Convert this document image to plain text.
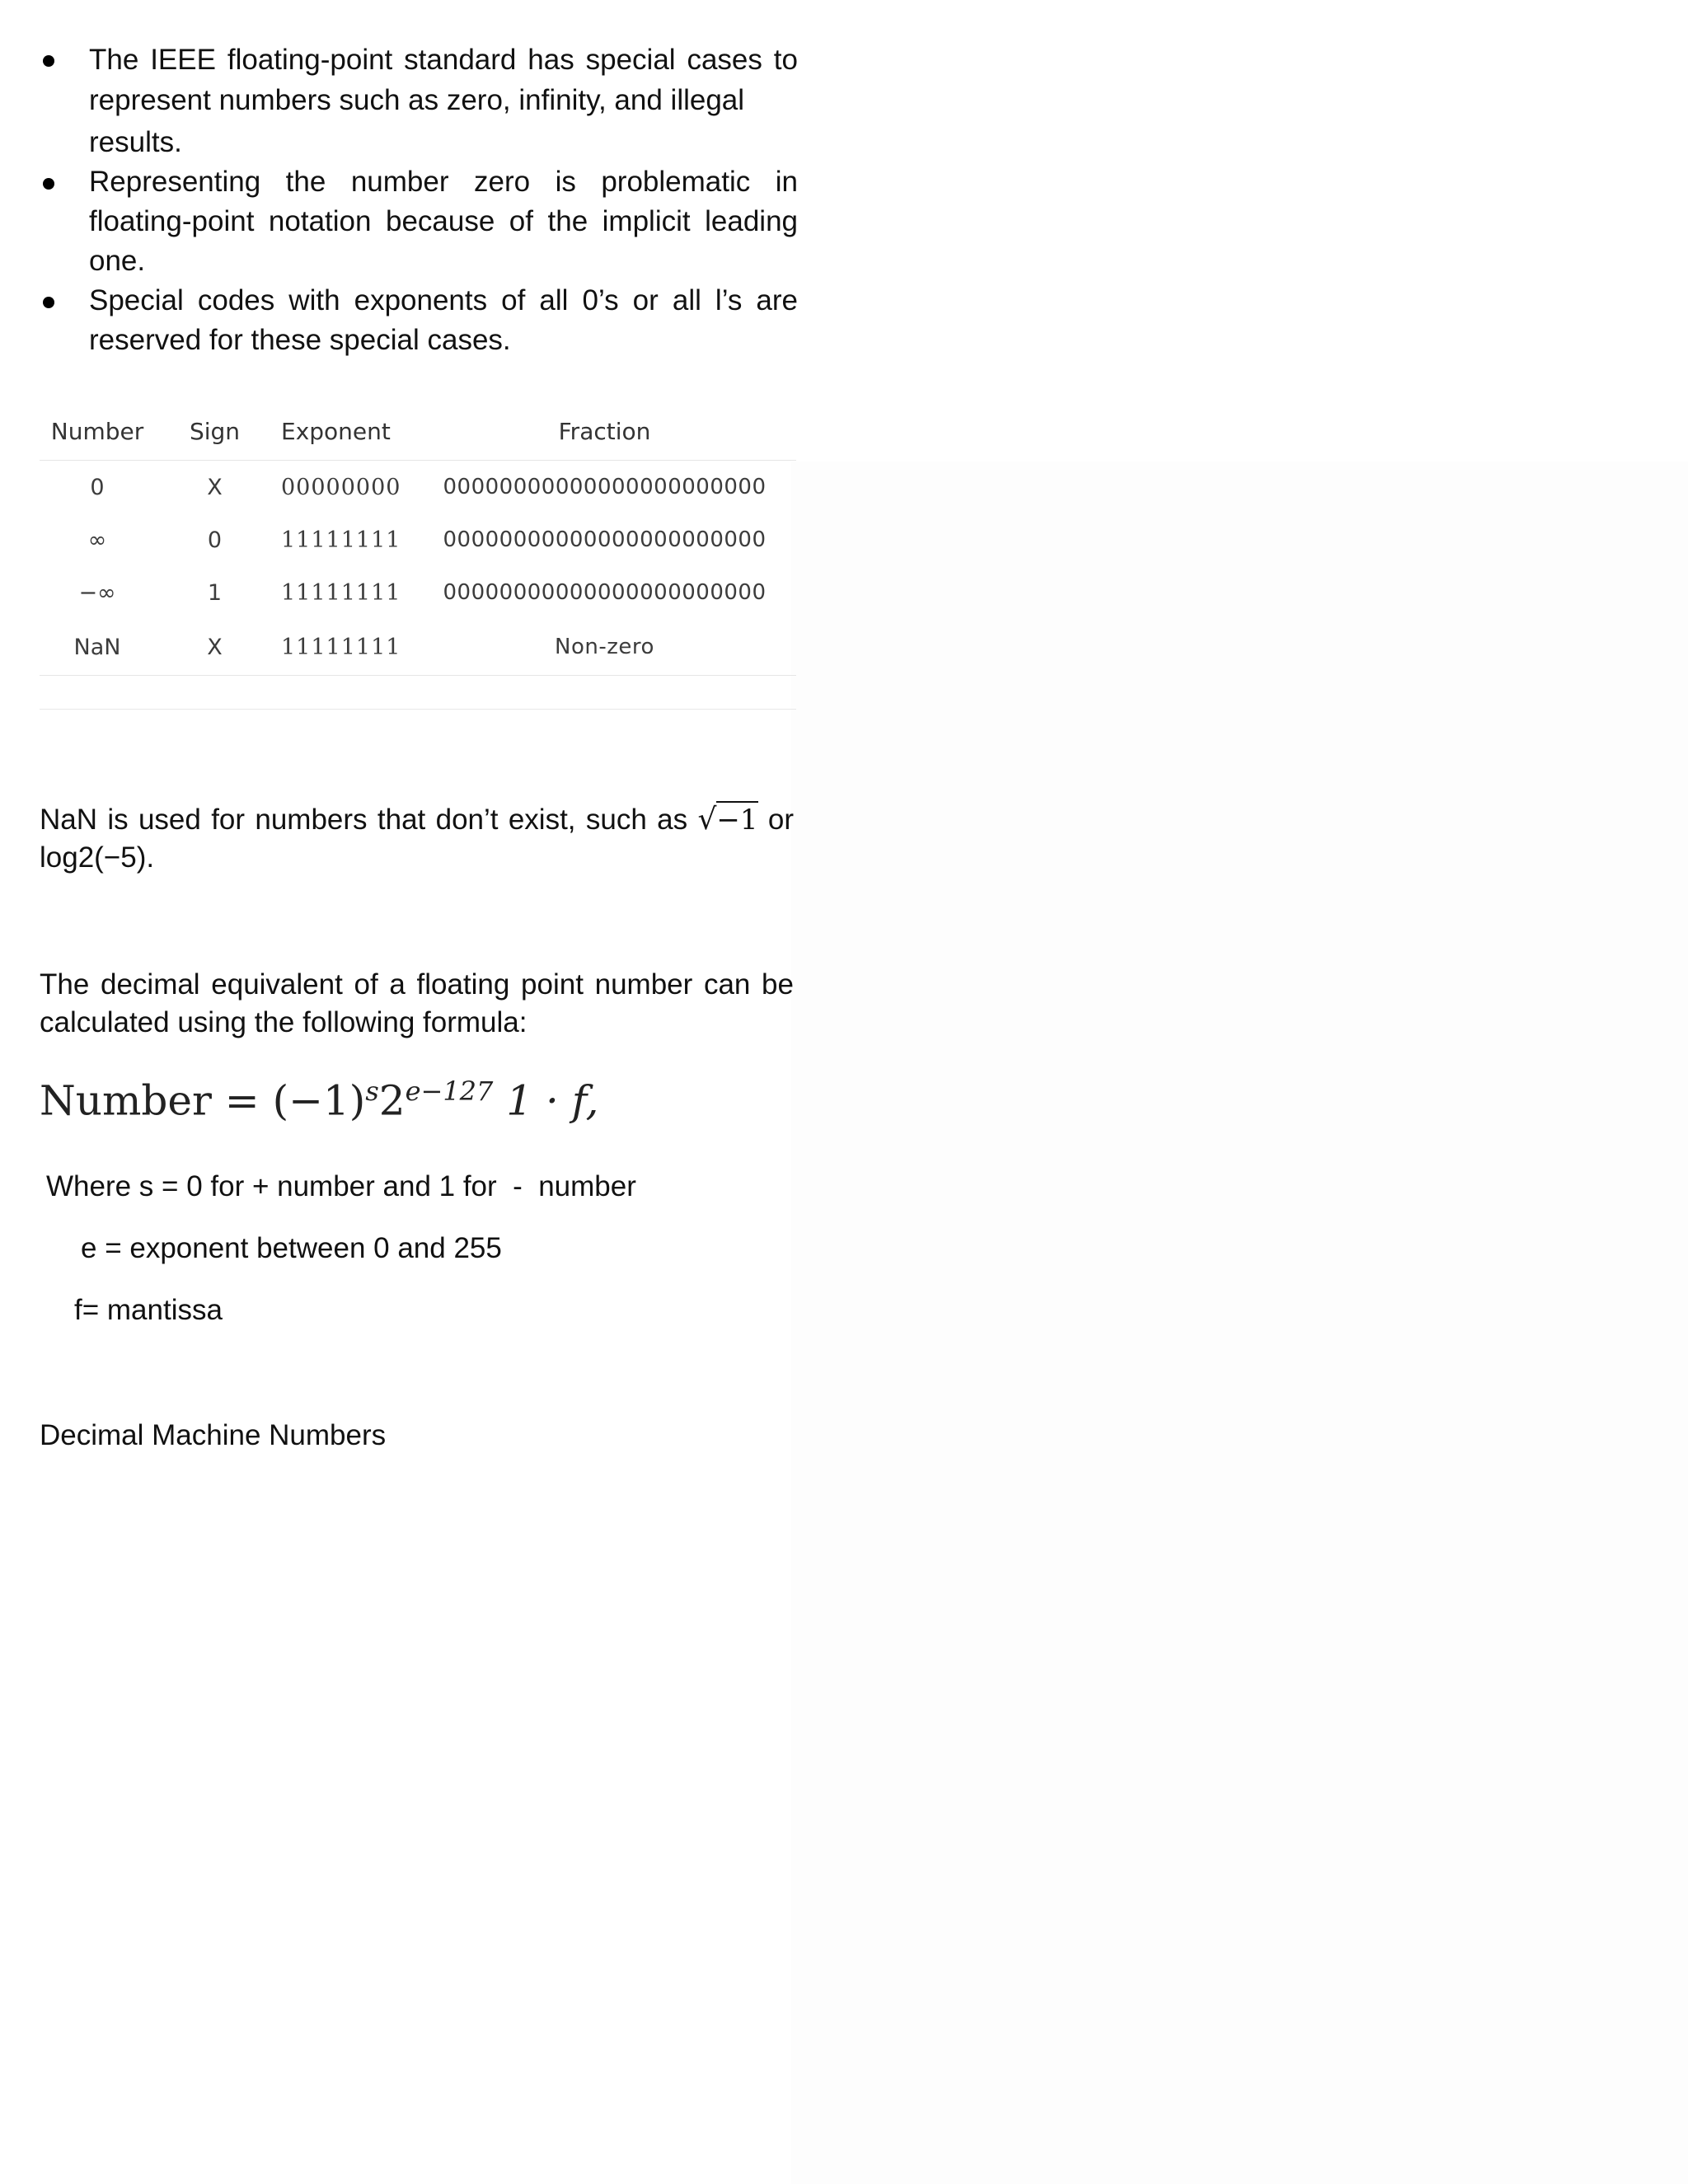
The IEEE floating-point standard has special cases to represent numbers such as zero, infinity, and illegal
results.
Representing the number zero is problematic in floating-point notation because of the implicit leading one.
Special codes with exponents of all 0’s or all l’s are reserved for these special cases.
Number	Sign	Exponent	Fraction
0	X	00000000	00000000000000000000000
∞	0	11111111	00000000000000000000000
−∞	1	11111111	00000000000000000000000
NaN	X	11111111	Non-zero

NaN is used for numbers that don’t exist, such as √−1 or log2(−5).

The decimal equivalent of a floating point number can be calculated using the following formula:

Number = $(-1)^s2^{e-127}$ 1 · f,

Where s = 0 for + number and 1 for  -  number

e = exponent between 0 and 255

f= mantissa

Decimal Machine Numbers
